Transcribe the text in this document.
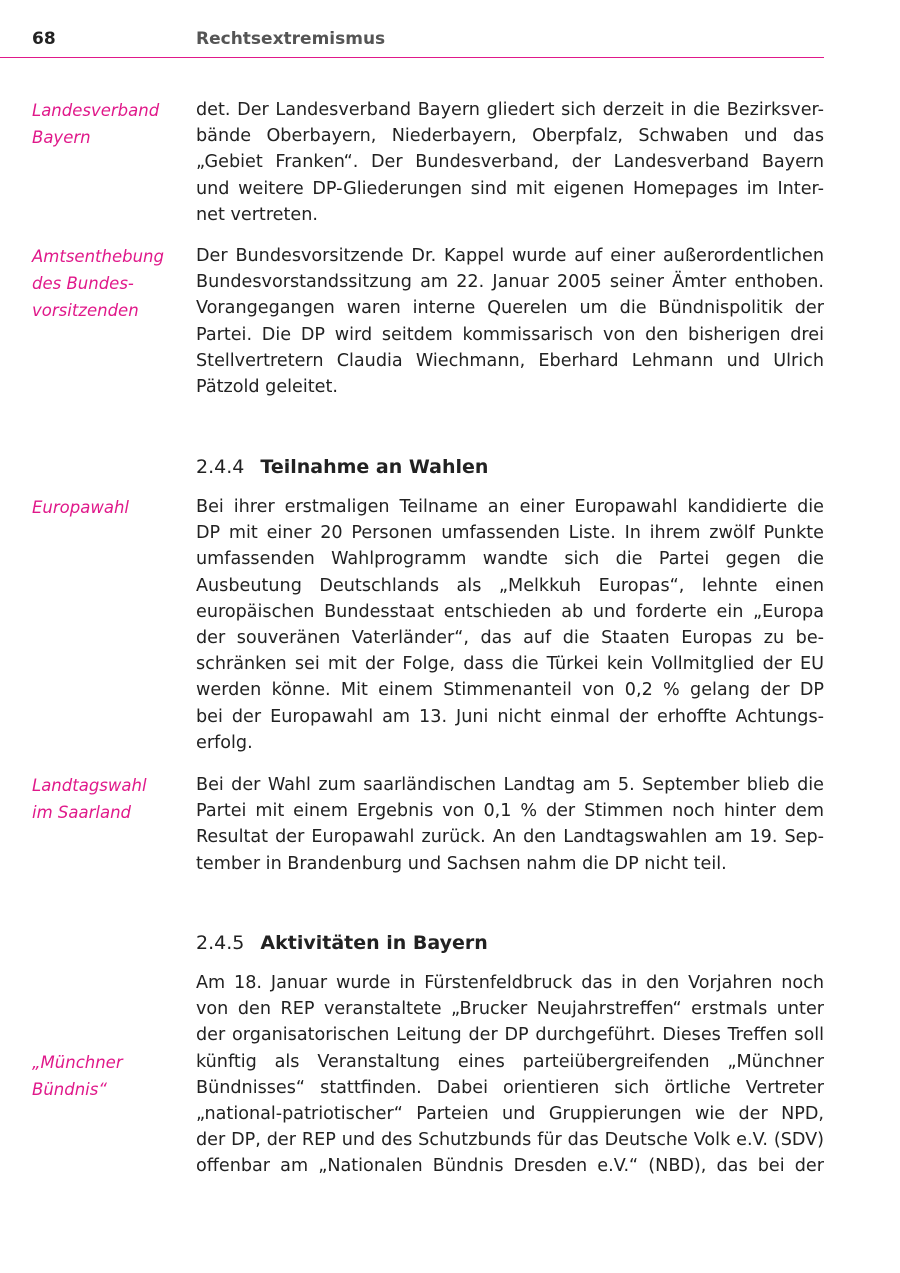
68	Rechtsextremismus
Landesverband
Bayern
det. Der Landesverband Bayern gliedert sich derzeit in die Bezirksver-
bände Oberbayern, Niederbayern, Oberpfalz, Schwaben und das
„Gebiet Franken“. Der Bundesverband, der Landesverband Bayern
und weitere DP-Gliederungen sind mit eigenen Homepages im Inter-
net vertreten.
Amtsenthebung
des Bundes-
vorsitzenden
Der Bundesvorsitzende Dr. Kappel wurde auf einer außerordentlichen
Bundesvorstandssitzung am 22. Januar 2005 seiner Ämter enthoben.
Vorangegangen waren interne Querelen um die Bündnispolitik der
Partei. Die DP wird seitdem kommissarisch von den bisherigen drei
Stellvertretern Claudia Wiechmann, Eberhard Lehmann und Ulrich
Pätzold geleitet.
2.4.4 Teilnahme an Wahlen
Europawahl	Bei ihrer erstmaligen Teilname an einer Europawahl kandidierte die
DP mit einer 20 Personen umfassenden Liste. In ihrem zwölf Punkte
umfassenden Wahlprogramm wandte sich die Partei gegen die
Ausbeutung Deutschlands als „Melkkuh Europas“, lehnte einen
europäischen Bundesstaat entschieden ab und forderte ein „Europa
der souveränen Vaterländer“, das auf die Staaten Europas zu be-
schränken sei mit der Folge, dass die Türkei kein Vollmitglied der EU
werden könne. Mit einem Stimmenanteil von 0,2 % gelang der DP
bei der Europawahl am 13. Juni nicht einmal der erhoffte Achtungs-
erfolg.
Landtagswahl
im Saarland
Bei der Wahl zum saarländischen Landtag am 5. September blieb die
Partei mit einem Ergebnis von 0,1 % der Stimmen noch hinter dem
Resultat der Europawahl zurück. An den Landtagswahlen am 19. Sep-
tember in Brandenburg und Sachsen nahm die DP nicht teil.
2.4.5 Aktivitäten in Bayern
„Münchner
Bündnis“
Am 18. Januar wurde in Fürstenfeldbruck das in den Vorjahren noch
von den REP veranstaltete „Brucker Neujahrstreffen“ erstmals unter
der organisatorischen Leitung der DP durchgeführt. Dieses Treffen soll
künftig als Veranstaltung eines parteiübergreifenden „Münchner
Bündnisses“ stattfinden. Dabei orientieren sich örtliche Vertreter
„national-patriotischer“ Parteien und Gruppierungen wie der NPD,
der DP, der REP und des Schutzbunds für das Deutsche Volk e.V. (SDV)
offenbar am „Nationalen Bündnis Dresden e.V.“ (NBD), das bei der
